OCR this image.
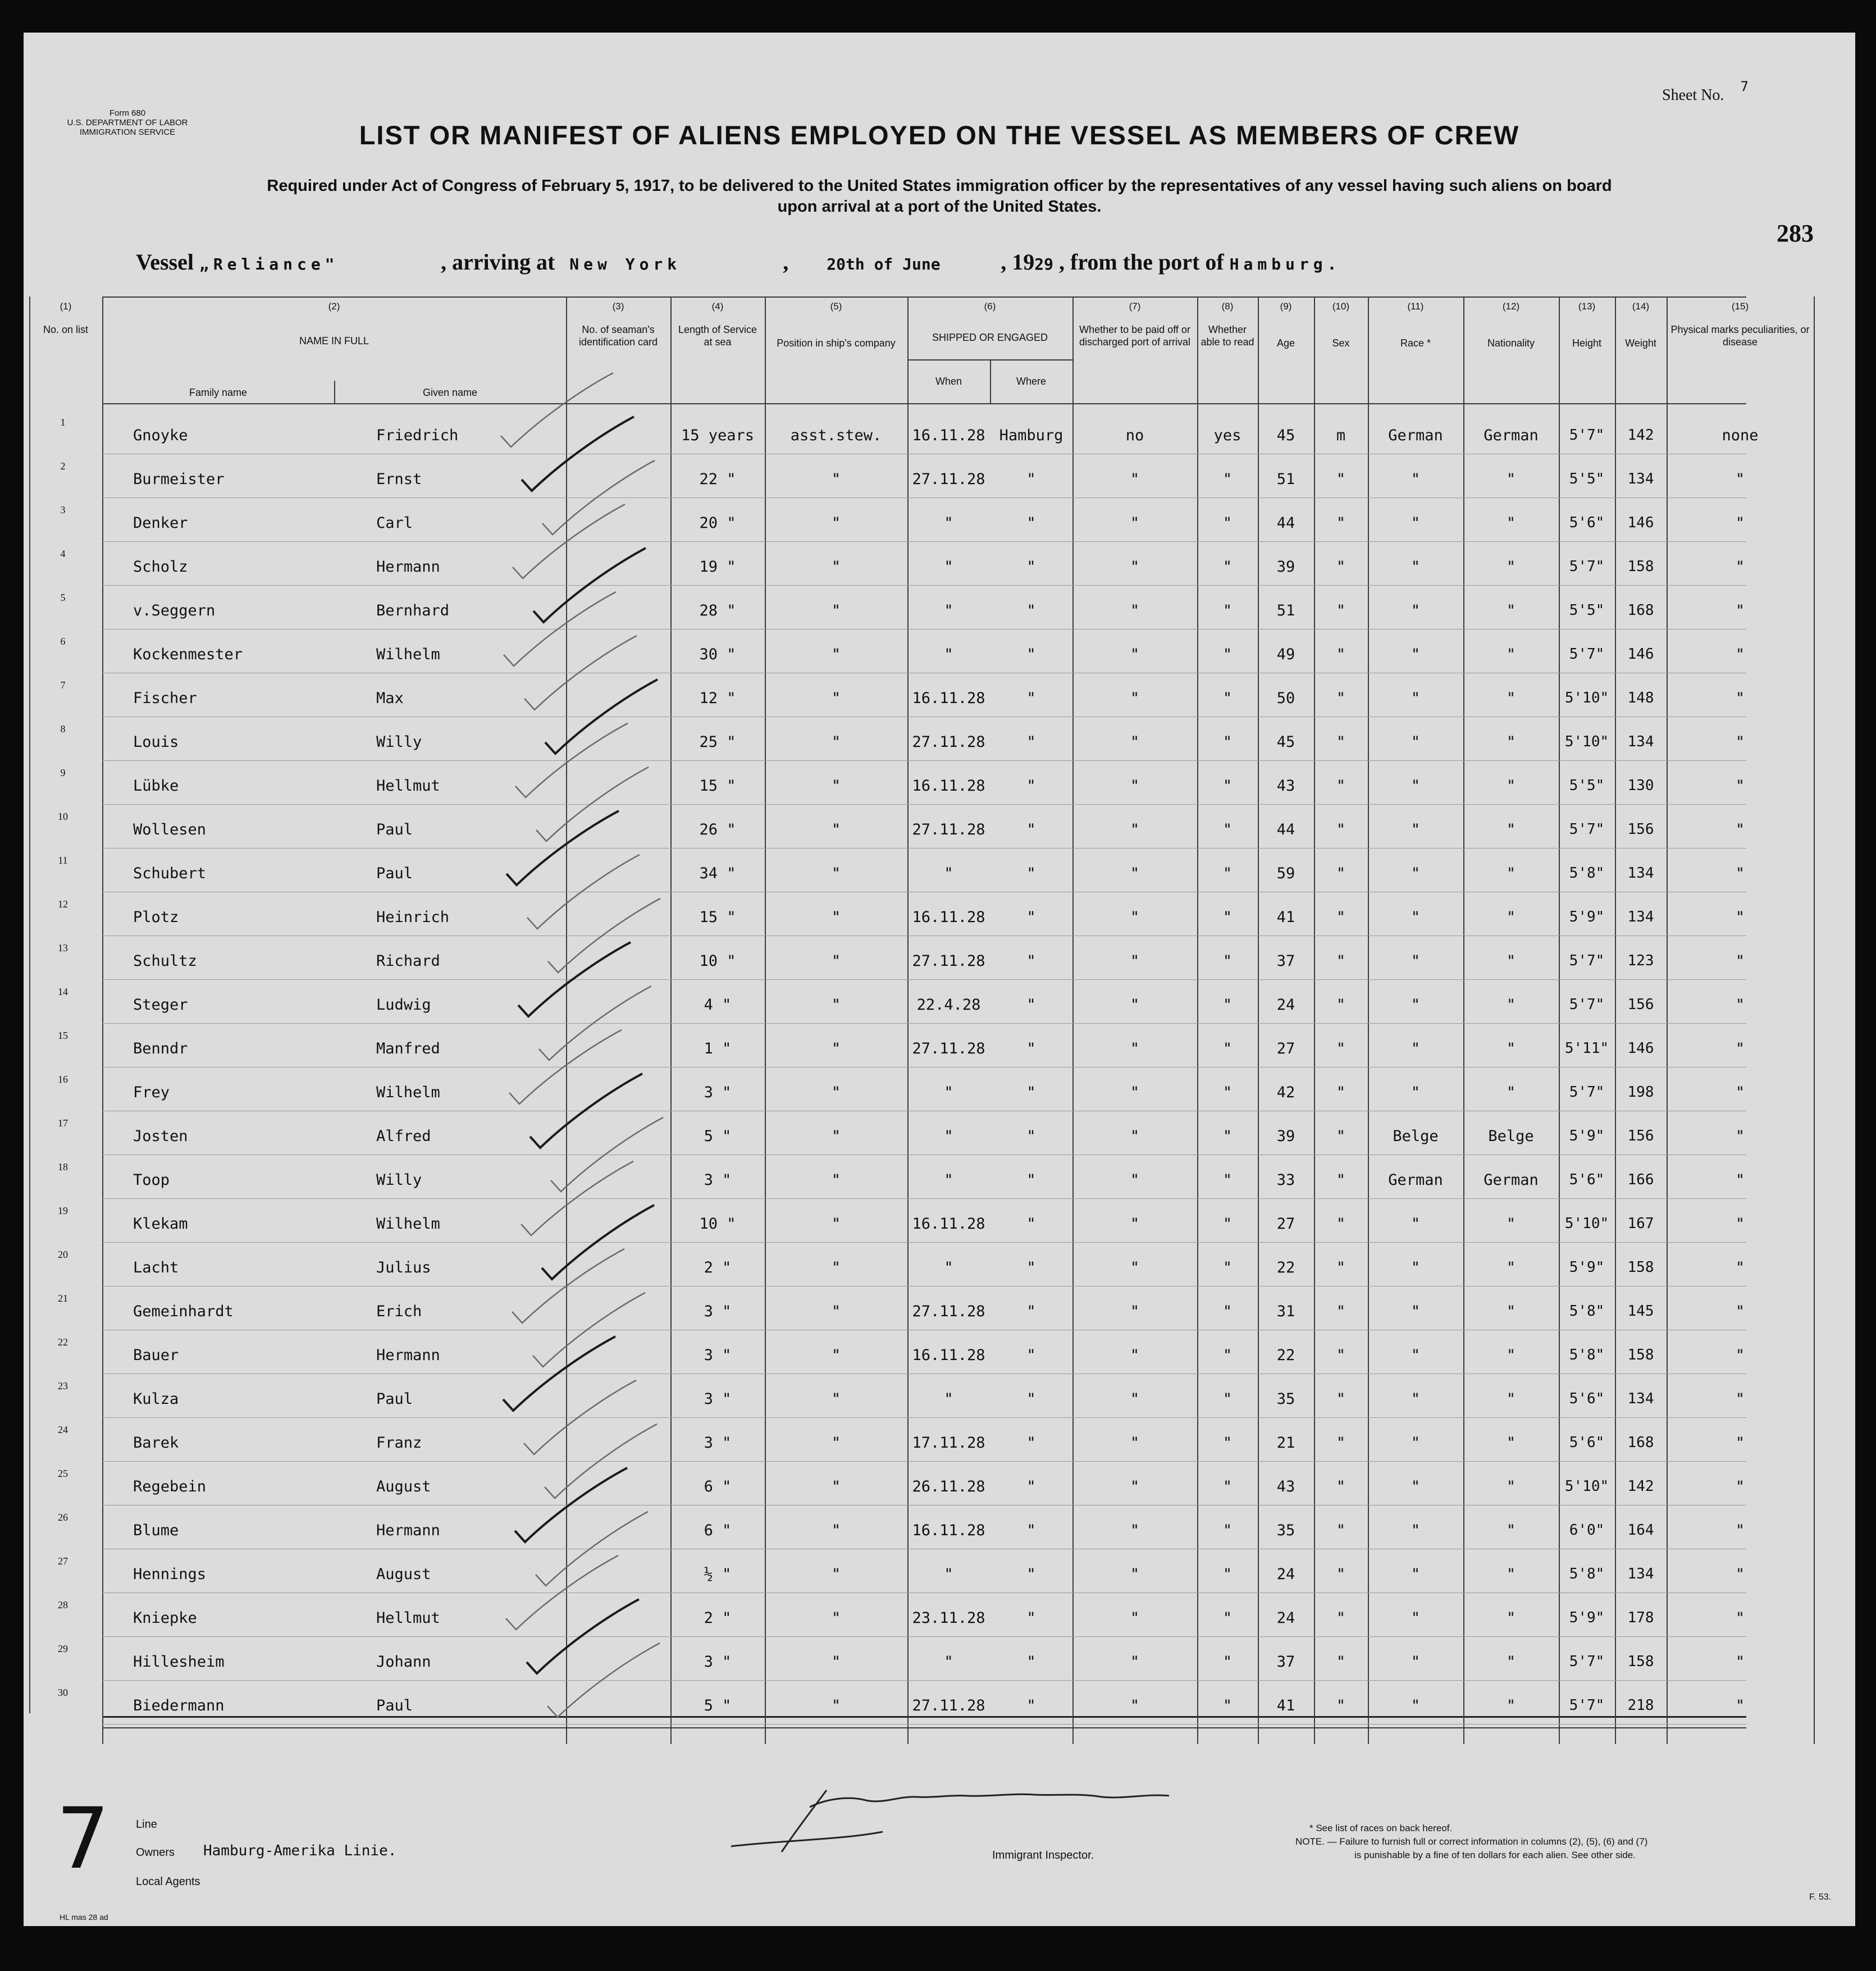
Form 680
U.S. DEPARTMENT OF LABOR
IMMIGRATION SERVICE
Sheet No. 7
LIST OR MANIFEST OF ALIENS EMPLOYED ON THE VESSEL AS MEMBERS OF CREW
Required under Act of Congress of February 5, 1917, to be delivered to the United States immigration officer by the representatives of any vessel having such aliens on board
upon arrival at a port of the United States.
283
Vessel „Reliance"	, arriving at New York	, 20th of June	, 1929 , from the port of Hamburg.
(1)
No. on list
(2)
NAME IN FULL
(3)
No. of seaman's identification card
(4)
Length of Service at sea
(5)
Position in ship's company
(6)
SHIPPED OR ENGAGED
(7)
Whether to be paid off or discharged port of arrival
(8)
Whether able to read
(9)
Age
(10)
Sex
(11)
Race *
(12)
Nationality
(13)
Height
(14)
Weight
(15)
Physical marks peculiarities, or disease
Family name	Given name
When	Where
1
Gnoyke	Friedrich	15 years	asst.stew.	16.11.28 Hamburg	no	yes	45	m	German	German	5'7"	142	none
2
Burmeister	Ernst	22 "	"	27.11.28	"	"	"	51	"	"	"	5'5"	134	"
3
Denker	Carl	20 "	"	"	"	"	"	44	"	"	"	5'6"	146	"
4
Scholz	Hermann	19 "	"	"	"	"	"	39	"	"	"	5'7"	158	"
5
v.Seggern	Bernhard	28 "	"	"	"	"	"	51	"	"	"	5'5"	168	"
6
Kockenmester	Wilhelm	30 "	"	"	"	"	"	49	"	"	"	5'7"	146	"
7
Fischer	Max	12 "	"	16.11.28	"	"	"	50	"	"	"	5'10"	148	"
8
Louis	Willy	25 "	"	27.11.28	"	"	"	45	"	"	"	5'10"	134	"
9
Lübke	Hellmut	15 "	"	16.11.28	"	"	"	43	"	"	"	5'5"	130	"
10
Wollesen	Paul	26 "	"	27.11.28	"	"	"	44	"	"	"	5'7"	156	"
11
Schubert	Paul	34 "	"	"	"	"	"	59	"	"	"	5'8"	134	"
12
Plotz	Heinrich	15 "	"	16.11.28	"	"	"	41	"	"	"	5'9"	134	"
13
Schultz	Richard	10 "	"	27.11.28	"	"	"	37	"	"	"	5'7"	123	"
14
Steger	Ludwig	4 "	"	22.4.28	"	"	"	24	"	"	"	5'7"	156	"
15
Benndr	Manfred	1 "	"	27.11.28	"	"	"	27	"	"	"	5'11"	146	"
16
Frey	Wilhelm	3 "	"	"	"	"	"	42	"	"	"	5'7"	198	"
17
Josten	Alfred	5 "	"	"	"	"	"	39	"	Belge	Belge	5'9"	156	"
18
Toop	Willy	3 "	"	"	"	"	"	33	"	German	German	5'6"	166	"
19
Klekam	Wilhelm	10 "	"	16.11.28	"	"	"	27	"	"	"	5'10"	167	"
20
Lacht	Julius	2 "	"	"	"	"	"	22	"	"	"	5'9"	158	"
21
Gemeinhardt	Erich	3 "	"	27.11.28	"	"	"	31	"	"	"	5'8"	145	"
22
Bauer	Hermann	3 "	"	16.11.28	"	"	"	22	"	"	"	5'8"	158	"
23
Kulza	Paul	3 "	"	"	"	"	"	35	"	"	"	5'6"	134	"
24
Barek	Franz	3 "	"	17.11.28	"	"	"	21	"	"	"	5'6"	168	"
25
Regebein	August	6 "	"	26.11.28	"	"	"	43	"	"	"	5'10"	142	"
26
Blume	Hermann	6 "	"	16.11.28	"	"	"	35	"	"	"	6'0"	164	"
27
Hennings	August	½ "	"	"	"	"	"	24	"	"	"	5'8"	134	"
28
Kniepke	Hellmut	2 "	"	23.11.28	"	"	"	24	"	"	"	5'9"	178	"
29
Hillesheim	Johann	3 "	"	"	"	"	"	37	"	"	"	5'7"	158	"
30
Biedermann	Paul	5 "	"	27.11.28	"	"	"	41	"	"	"	5'7"	218	"
Line
Owners Hamburg-Amerika Linie.
Local Agents
Immigrant Inspector.
* See list of races on back hereof.
NOTE. — Failure to furnish full or correct information in columns (2), (5), (6) and (7)
is punishable by a fine of ten dollars for each alien. See other side.
F. 53.
HL mas 28 ad
7
